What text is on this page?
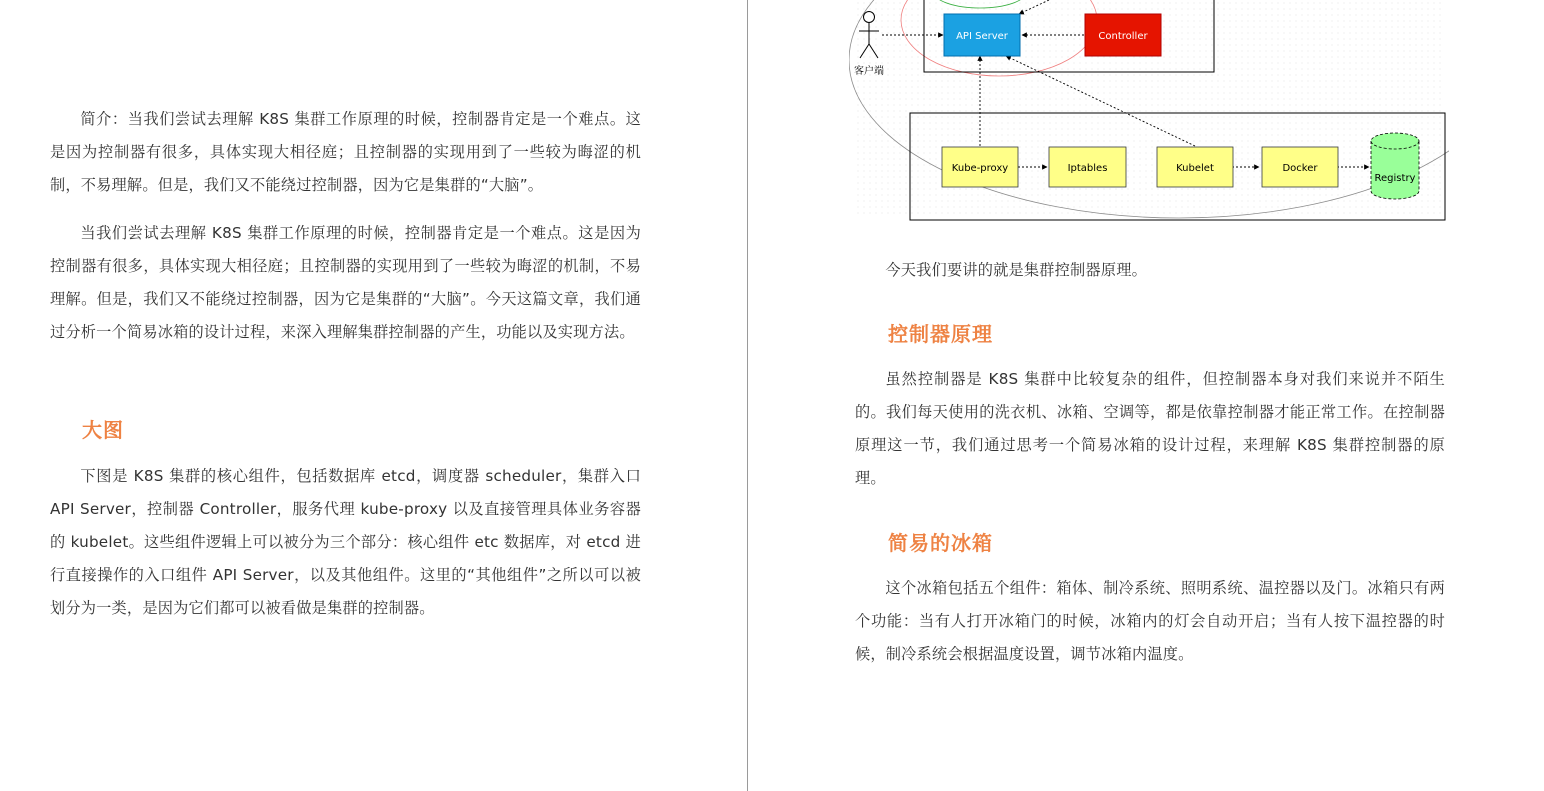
简介：当我们尝试去理解 K8S 集群工作原理的时候，控制器肯定是一个难点。这是因为控制器有很多，具体实现大相径庭；且控制器的实现用到了一些较为晦涩的机制，不易理解。但是，我们又不能绕过控制器，因为它是集群的“大脑”。

当我们尝试去理解 K8S 集群工作原理的时候，控制器肯定是一个难点。这是因为控制器有很多，具体实现大相径庭；且控制器的实现用到了一些较为晦涩的机制，不易理解。但是，我们又不能绕过控制器，因为它是集群的“大脑”。今天这篇文章，我们通过分析一个简易冰箱的设计过程，来深入理解集群控制器的产生，功能以及实现方法。

大图

下图是 K8S 集群的核心组件，包括数据库 etcd，调度器 scheduler，集群入口 API Server，控制器 Controller，服务代理 kube-proxy 以及直接管理具体业务容器的 kubelet。这些组件逻辑上可以被分为三个部分：核心组件 etc 数据库，对 etcd 进行直接操作的入口组件 API Server，以及其他组件。这里的“其他组件”之所以可以被划分为一类，是因为它们都可以被看做是集群的控制器。

客户端
API Server	Controller
Kube-proxy	Iptables	Kubelet	Docker
Registry

今天我们要讲的就是集群控制器原理。

控制器原理

虽然控制器是 K8S 集群中比较复杂的组件，但控制器本身对我们来说并不陌生的。我们每天使用的洗衣机、冰箱、空调等，都是依靠控制器才能正常工作。在控制器原理这一节，我们通过思考一个简易冰箱的设计过程，来理解 K8S 集群控制器的原理。

简易的冰箱

这个冰箱包括五个组件：箱体、制冷系统、照明系统、温控器以及门。冰箱只有两个功能：当有人打开冰箱门的时候，冰箱内的灯会自动开启；当有人按下温控器的时候，制冷系统会根据温度设置，调节冰箱内温度。
